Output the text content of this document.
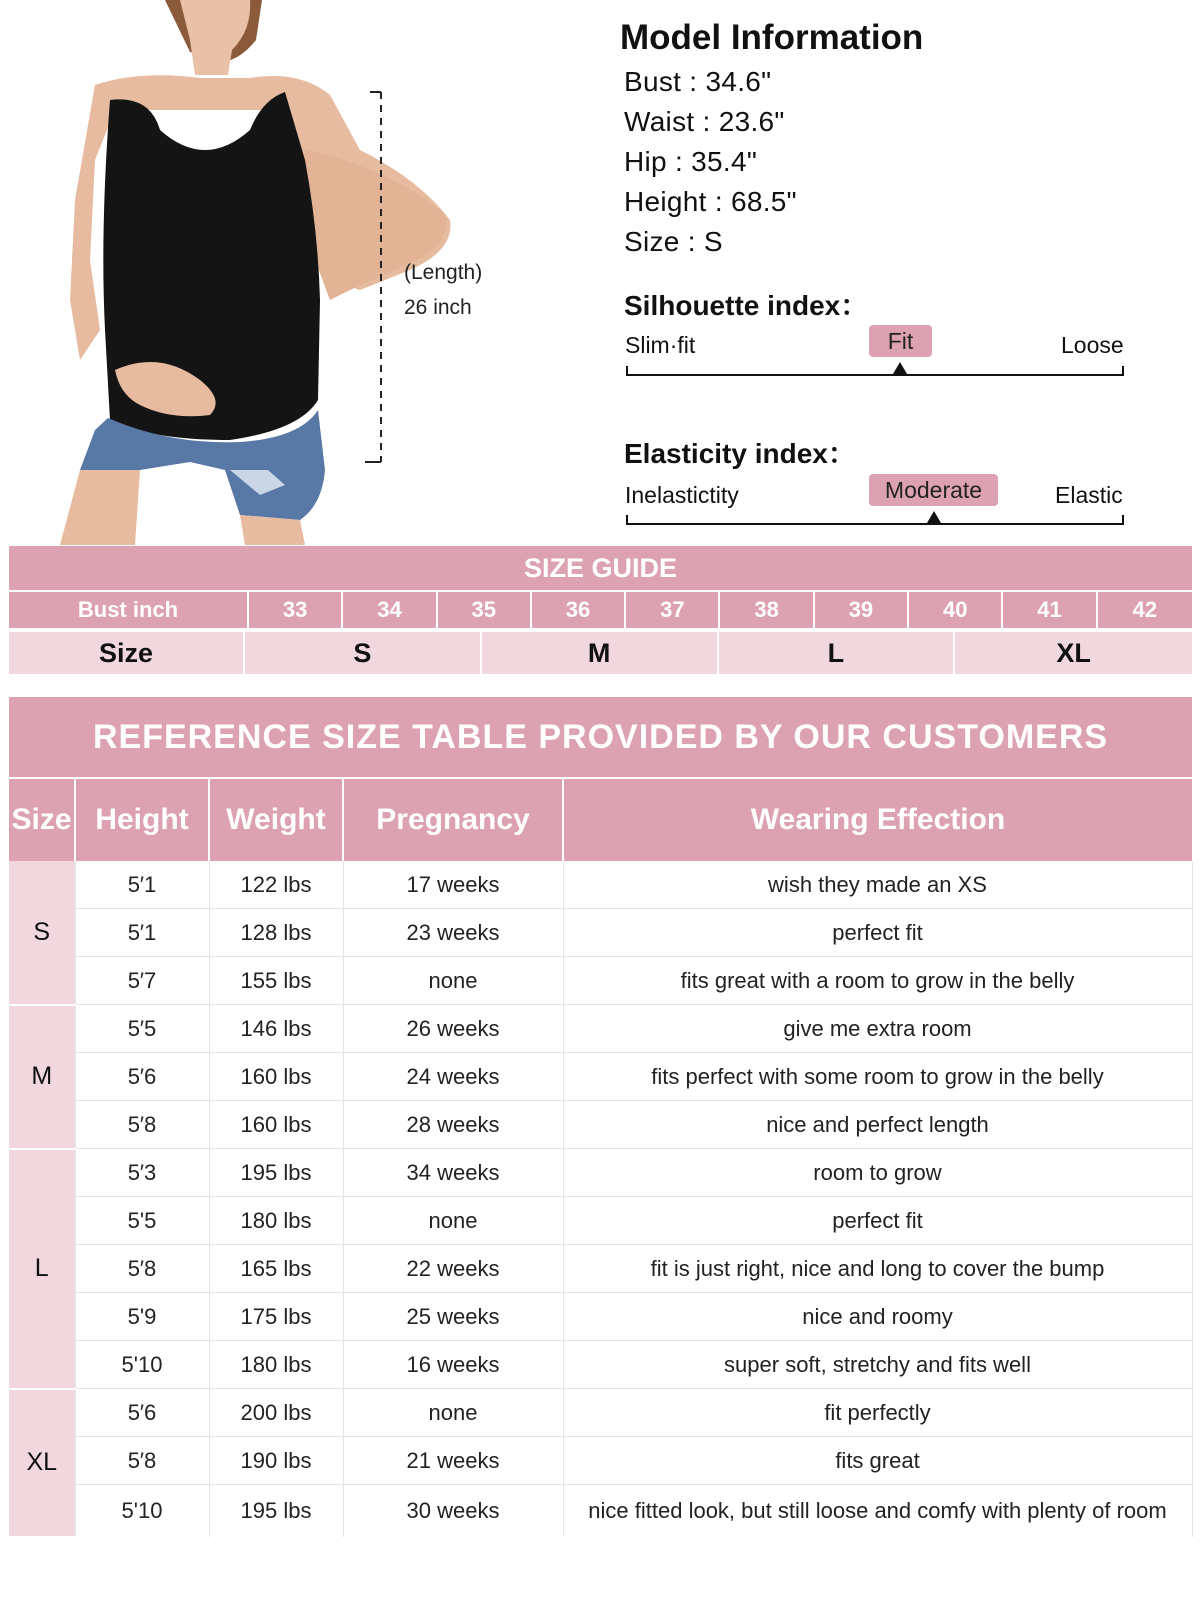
(Length)
26 inch
Model Information
Bust : 34.6"
Waist : 23.6"
Hip : 35.4"
Height : 68.5"
Size : S
Silhouette index：
Slim·fit	Fit	Loose
Elasticity index：
Inelastictity	Moderate	Elastic
SIZE GUIDE
Bust inch	33	34	35	36	37	38	39	40	41	42
Size	S	M	L	XL
REFERENCE SIZE TABLE PROVIDED BY OUR CUSTOMERS
Size	Height	Weight	Pregnancy	Wearing Effection
S	5′1	122 lbs	17 weeks	wish they made an XS
	5′1	128 lbs	23 weeks	perfect fit
	5′7	155 lbs	none	fits great with a room to grow in the belly
M	5′5	146 lbs	26 weeks	give me extra room
	5′6	160 lbs	24 weeks	fits perfect with some room to grow in the belly
	5′8	160 lbs	28 weeks	nice and perfect length
L	5′3	195 lbs	34 weeks	room to grow
	5'5	180 lbs	none	perfect fit
	5′8	165 lbs	22 weeks	fit is just right, nice and long to cover the bump
	5'9	175 lbs	25 weeks	nice and roomy
	5'10	180 lbs	16 weeks	super soft, stretchy and fits well
XL	5′6	200 lbs	none	fit perfectly
	5′8	190 lbs	21 weeks	fits great
	5'10	195 lbs	30 weeks	nice fitted look, but still loose and comfy with plenty of room
